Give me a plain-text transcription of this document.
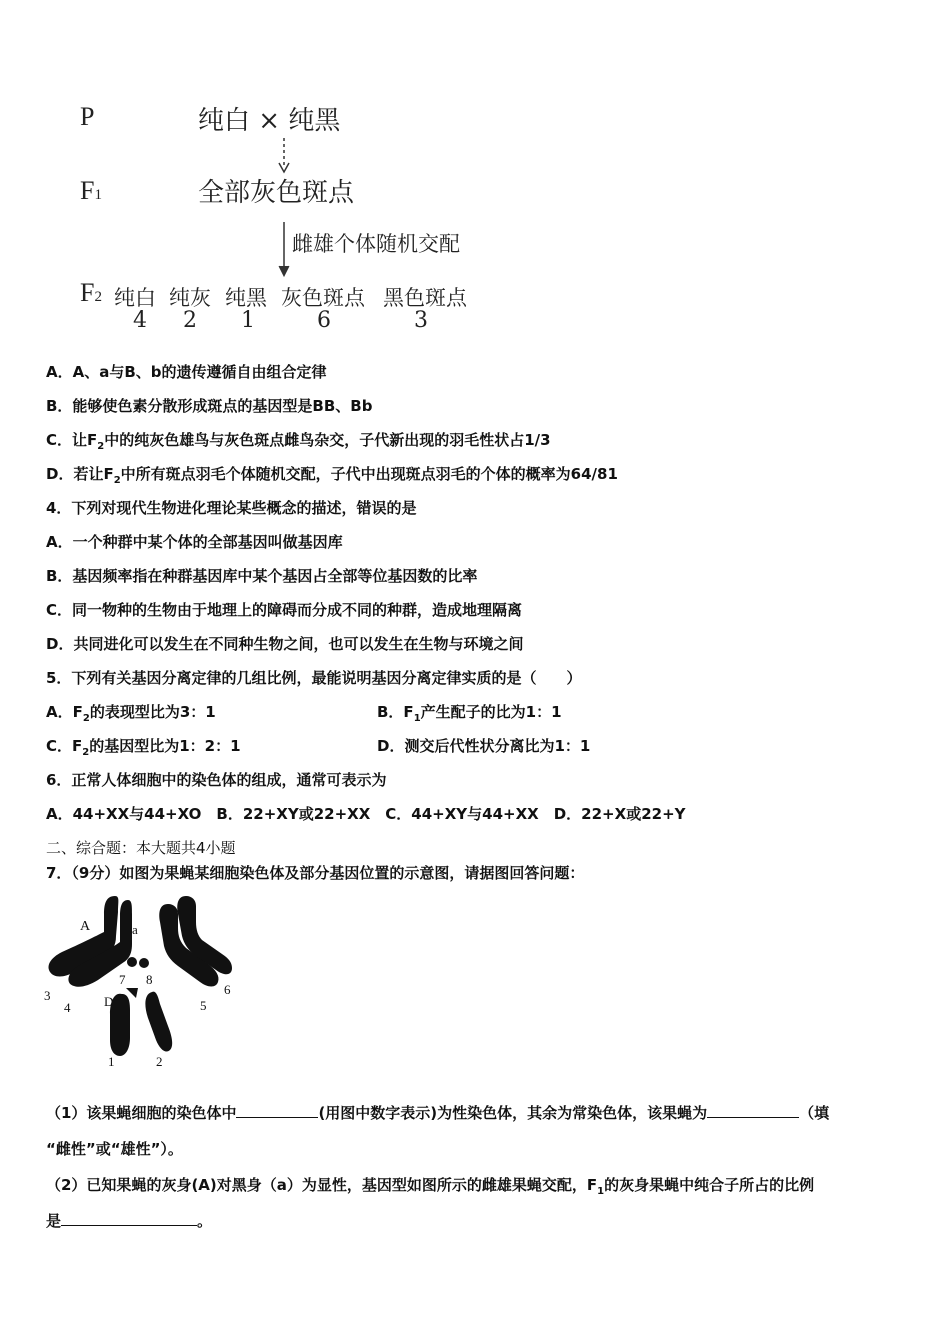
P	纯白 × 纯黑
F1	全部灰色斑点
雌雄个体随机交配
F2 纯白 纯灰 纯黑 灰色斑点 黑色斑点
4 2 1	6	3
A．A、a与B、b的遗传遵循自由组合定律
B．能够使色素分散形成斑点的基因型是BB、Bb
C．让$F_2$中的纯灰色雄鸟与灰色斑点雌鸟杂交，子代新出现的羽毛性状占1/3
D．若让$F_2$中所有斑点羽毛个体随机交配，子代中出现斑点羽毛的个体的概率为64/81
4．下列对现代生物进化理论某些概念的描述，错误的是
A．一个种群中某个体的全部基因叫做基因库
B．基因频率指在种群基因库中某个基因占全部等位基因数的比率
C．同一物种的生物由于地理上的障碍而分成不同的种群，造成地理隔离
D．共同进化可以发生在不同种生物之间，也可以发生在生物与环境之间
5．下列有关基因分离定律的几组比例，最能说明基因分离定律实质的是（　　）
A．$F_2$的表现型比为3：1	B．$F_1$产生配子的比为1：1
C．$F_2$的基因型比为1：2：1	D．测交后代性状分离比为1：1
6．正常人体细胞中的染色体的组成，通常可表示为
A．44+XX与44+XO　B．22+XY或22+XX　C．44+XY与44+XX　D．22+X或22+Y
二、综合题：本大题共4小题
7．（9分）如图为果蝇某细胞染色体及部分基因位置的示意图，请据图回答问题：
A	a
D
3
4
7 8
5
6
1	2
（1）该果蝇细胞的染色体中	(用图中数字表示)为性染色体，其余为常染色体，该果蝇为	（填
“雌性”或“雄性”）。
（2）已知果蝇的灰身(A)对黑身（a）为显性，基因型如图所示的雌雄果蝇交配，$F_1$的灰身果蝇中纯合子所占的比例
是	。
